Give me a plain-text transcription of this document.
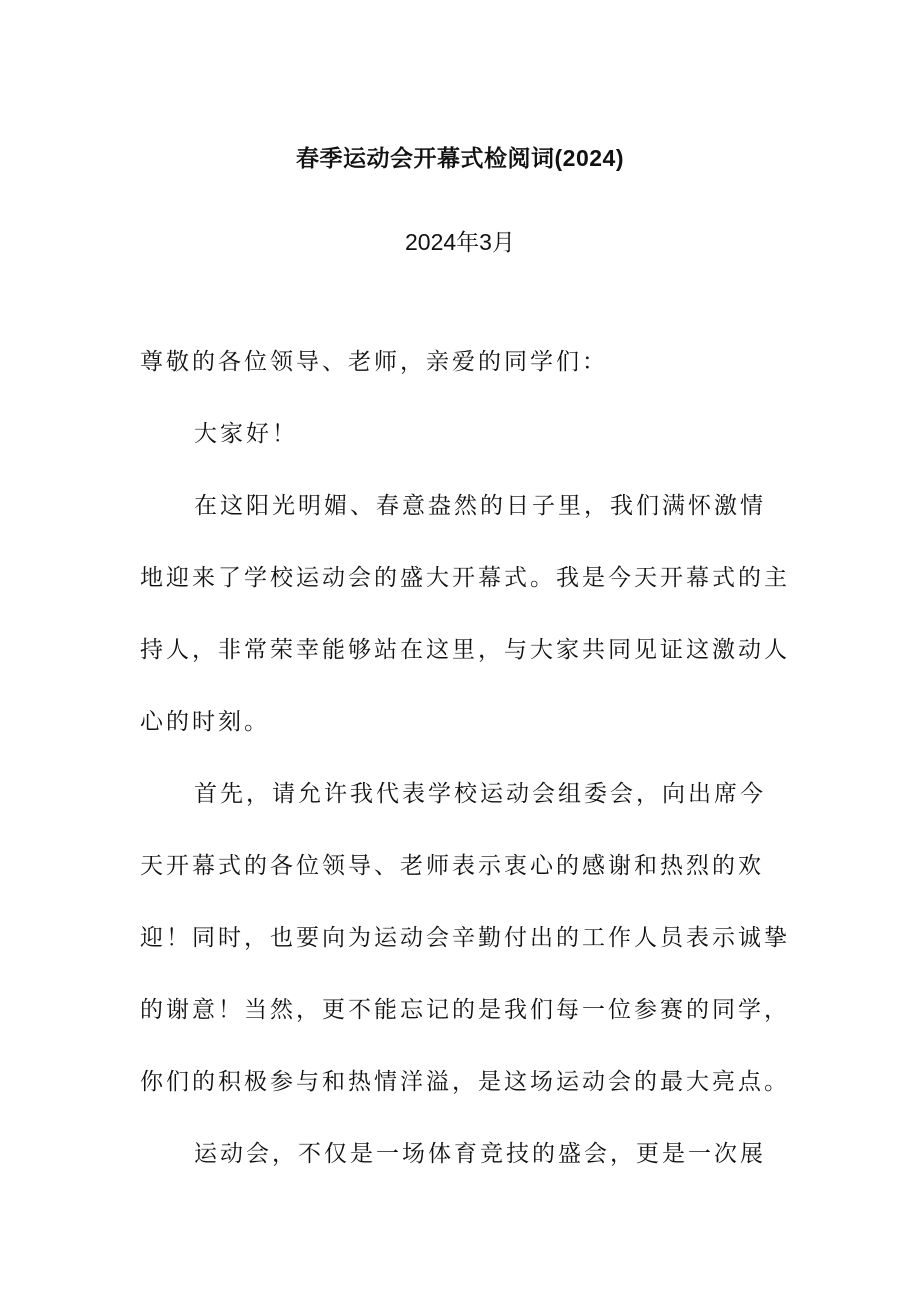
春季运动会开幕式检阅词(2024)
2024年3月
尊敬的各位领导、老师，亲爱的同学们：
大家好！
在这阳光明媚、春意盎然的日子里，我们满怀激情
地迎来了学校运动会的盛大开幕式。我是今天开幕式的主
持人，非常荣幸能够站在这里，与大家共同见证这激动人
心的时刻。
首先，请允许我代表学校运动会组委会，向出席今
天开幕式的各位领导、老师表示衷心的感谢和热烈的欢
迎！同时，也要向为运动会辛勤付出的工作人员表示诚挚
的谢意！当然，更不能忘记的是我们每一位参赛的同学，
你们的积极参与和热情洋溢，是这场运动会的最大亮点。
运动会，不仅是一场体育竞技的盛会，更是一次展
